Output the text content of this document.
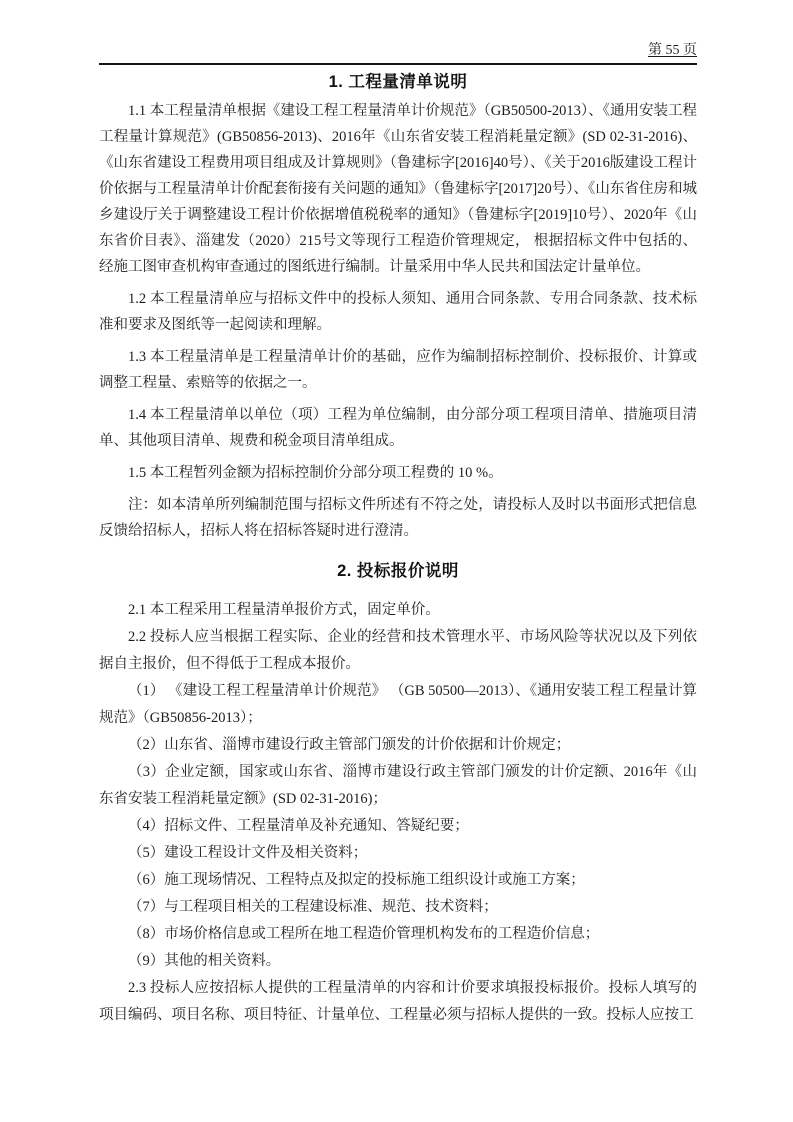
第 55 页
1. 工程量清单说明

1.1 本工程量清单根据《建设工程工程量清单计价规范》（GB50500-2013）、《通用安装工程工程量计算规范》(GB50856-2013)、2016年《山东省安装工程消耗量定额》(SD 02-31-2016)、《山东省建设工程费用项目组成及计算规则》（鲁建标字[2016]40号）、《关于2016版建设工程计价依据与工程量清单计价配套衔接有关问题的通知》（鲁建标字[2017]20号）、《山东省住房和城乡建设厅关于调整建设工程计价依据增值税税率的通知》（鲁建标字[2019]10号）、2020年《山东省价目表》、淄建发（2020）215号文等现行工程造价管理规定， 根据招标文件中包括的、经施工图审查机构审查通过的图纸进行编制。计量采用中华人民共和国法定计量单位。

1.2 本工程量清单应与招标文件中的投标人须知、通用合同条款、专用合同条款、技术标准和要求及图纸等一起阅读和理解。

1.3 本工程量清单是工程量清单计价的基础，应作为编制招标控制价、投标报价、计算或调整工程量、索赔等的依据之一。

1.4 本工程量清单以单位（项）工程为单位编制，由分部分项工程项目清单、措施项目清单、其他项目清单、规费和税金项目清单组成。

1.5 本工程暂列金额为招标控制价分部分项工程费的 10 %。

注：如本清单所列编制范围与招标文件所述有不符之处，请投标人及时以书面形式把信息反馈给招标人，招标人将在招标答疑时进行澄清。

2. 投标报价说明

2.1 本工程采用工程量清单报价方式，固定单价。

2.2 投标人应当根据工程实际、企业的经营和技术管理水平、市场风险等状况以及下列依据自主报价，但不得低于工程成本报价。

（1） 《建设工程工程量清单计价规范》 （GB 50500—2013）、《通用安装工程工程量计算规范》（GB50856-2013）；

（2）山东省、淄博市建设行政主管部门颁发的计价依据和计价规定；

（3）企业定额，国家或山东省、淄博市建设行政主管部门颁发的计价定额、2016年《山东省安装工程消耗量定额》(SD 02-31-2016)；

（4）招标文件、工程量清单及补充通知、答疑纪要；

（5）建设工程设计文件及相关资料；

（6）施工现场情况、工程特点及拟定的投标施工组织设计或施工方案；

（7）与工程项目相关的工程建设标准、规范、技术资料；

（8）市场价格信息或工程所在地工程造价管理机构发布的工程造价信息；

（9）其他的相关资料。

2.3 投标人应按招标人提供的工程量清单的内容和计价要求填报投标报价。投标人填写的项目编码、项目名称、项目特征、计量单位、工程量必须与招标人提供的一致。投标人应按工
